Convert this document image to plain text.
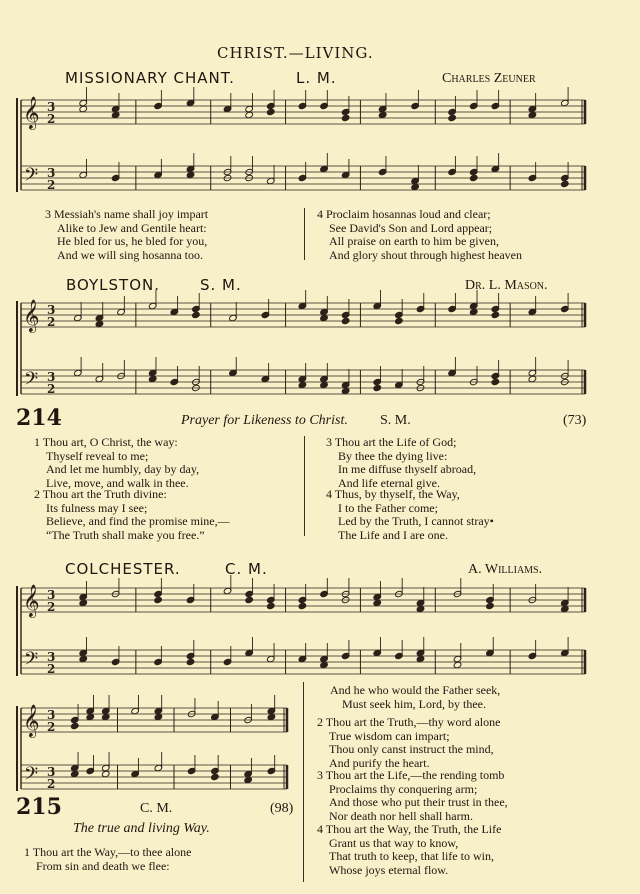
𝄞
𝄢
3
2
3
2
𝄞
𝄢
3
2
3
2
𝄞
𝄢
3
2
3
2
𝄞
𝄢
3
2
3
2
CHRIST.—LIVING.
MISSIONARY CHANT.	L. M.	Charles Zeuner
3 Messiah's name shall joy impart
Alike to Jew and Gentile heart:
He bled for us, he bled for you,
And we will sing hosanna too.
4 Proclaim hosannas loud and clear;
See David's Son and Lord appear;
All praise on earth to him be given,
And glory shout through highest heaven
BOYLSTON.	S. M.	Dr. L. Mason.
214	Prayer for Likeness to Christ. S. M.	(73)
1 Thou art, O Christ, the way:
Thyself reveal to me;
And let me humbly, day by day,
Live, move, and walk in thee.
2 Thou art the Truth divine:
Its fulness may I see;
Believe, and find the promise mine,—
“The Truth shall make you free.”
3 Thou art the Life of God;
By thee the dying live:
In me diffuse thyself abroad,
And life eternal give.
4 Thus, by thyself, the Way,
I to the Father come;
Led by the Truth, I cannot stray•
The Life and I are one.
COLCHESTER.	C. M.	A. Williams.
215	C. M.	(98)
The true and living Way.
1 Thou art the Way,—to thee alone
From sin and death we flee:
And he who would the Father seek,
Must seek him, Lord, by thee.
2 Thou art the Truth,—thy word alone
True wisdom can impart;
Thou only canst instruct the mind,
And purify the heart.
3 Thou art the Life,—the rending tomb
Proclaims thy conquering arm;
And those who put their trust in thee,
Nor death nor hell shall harm.
4 Thou art the Way, the Truth, the Life
Grant us that way to know,
That truth to keep, that life to win,
Whose joys eternal flow.
